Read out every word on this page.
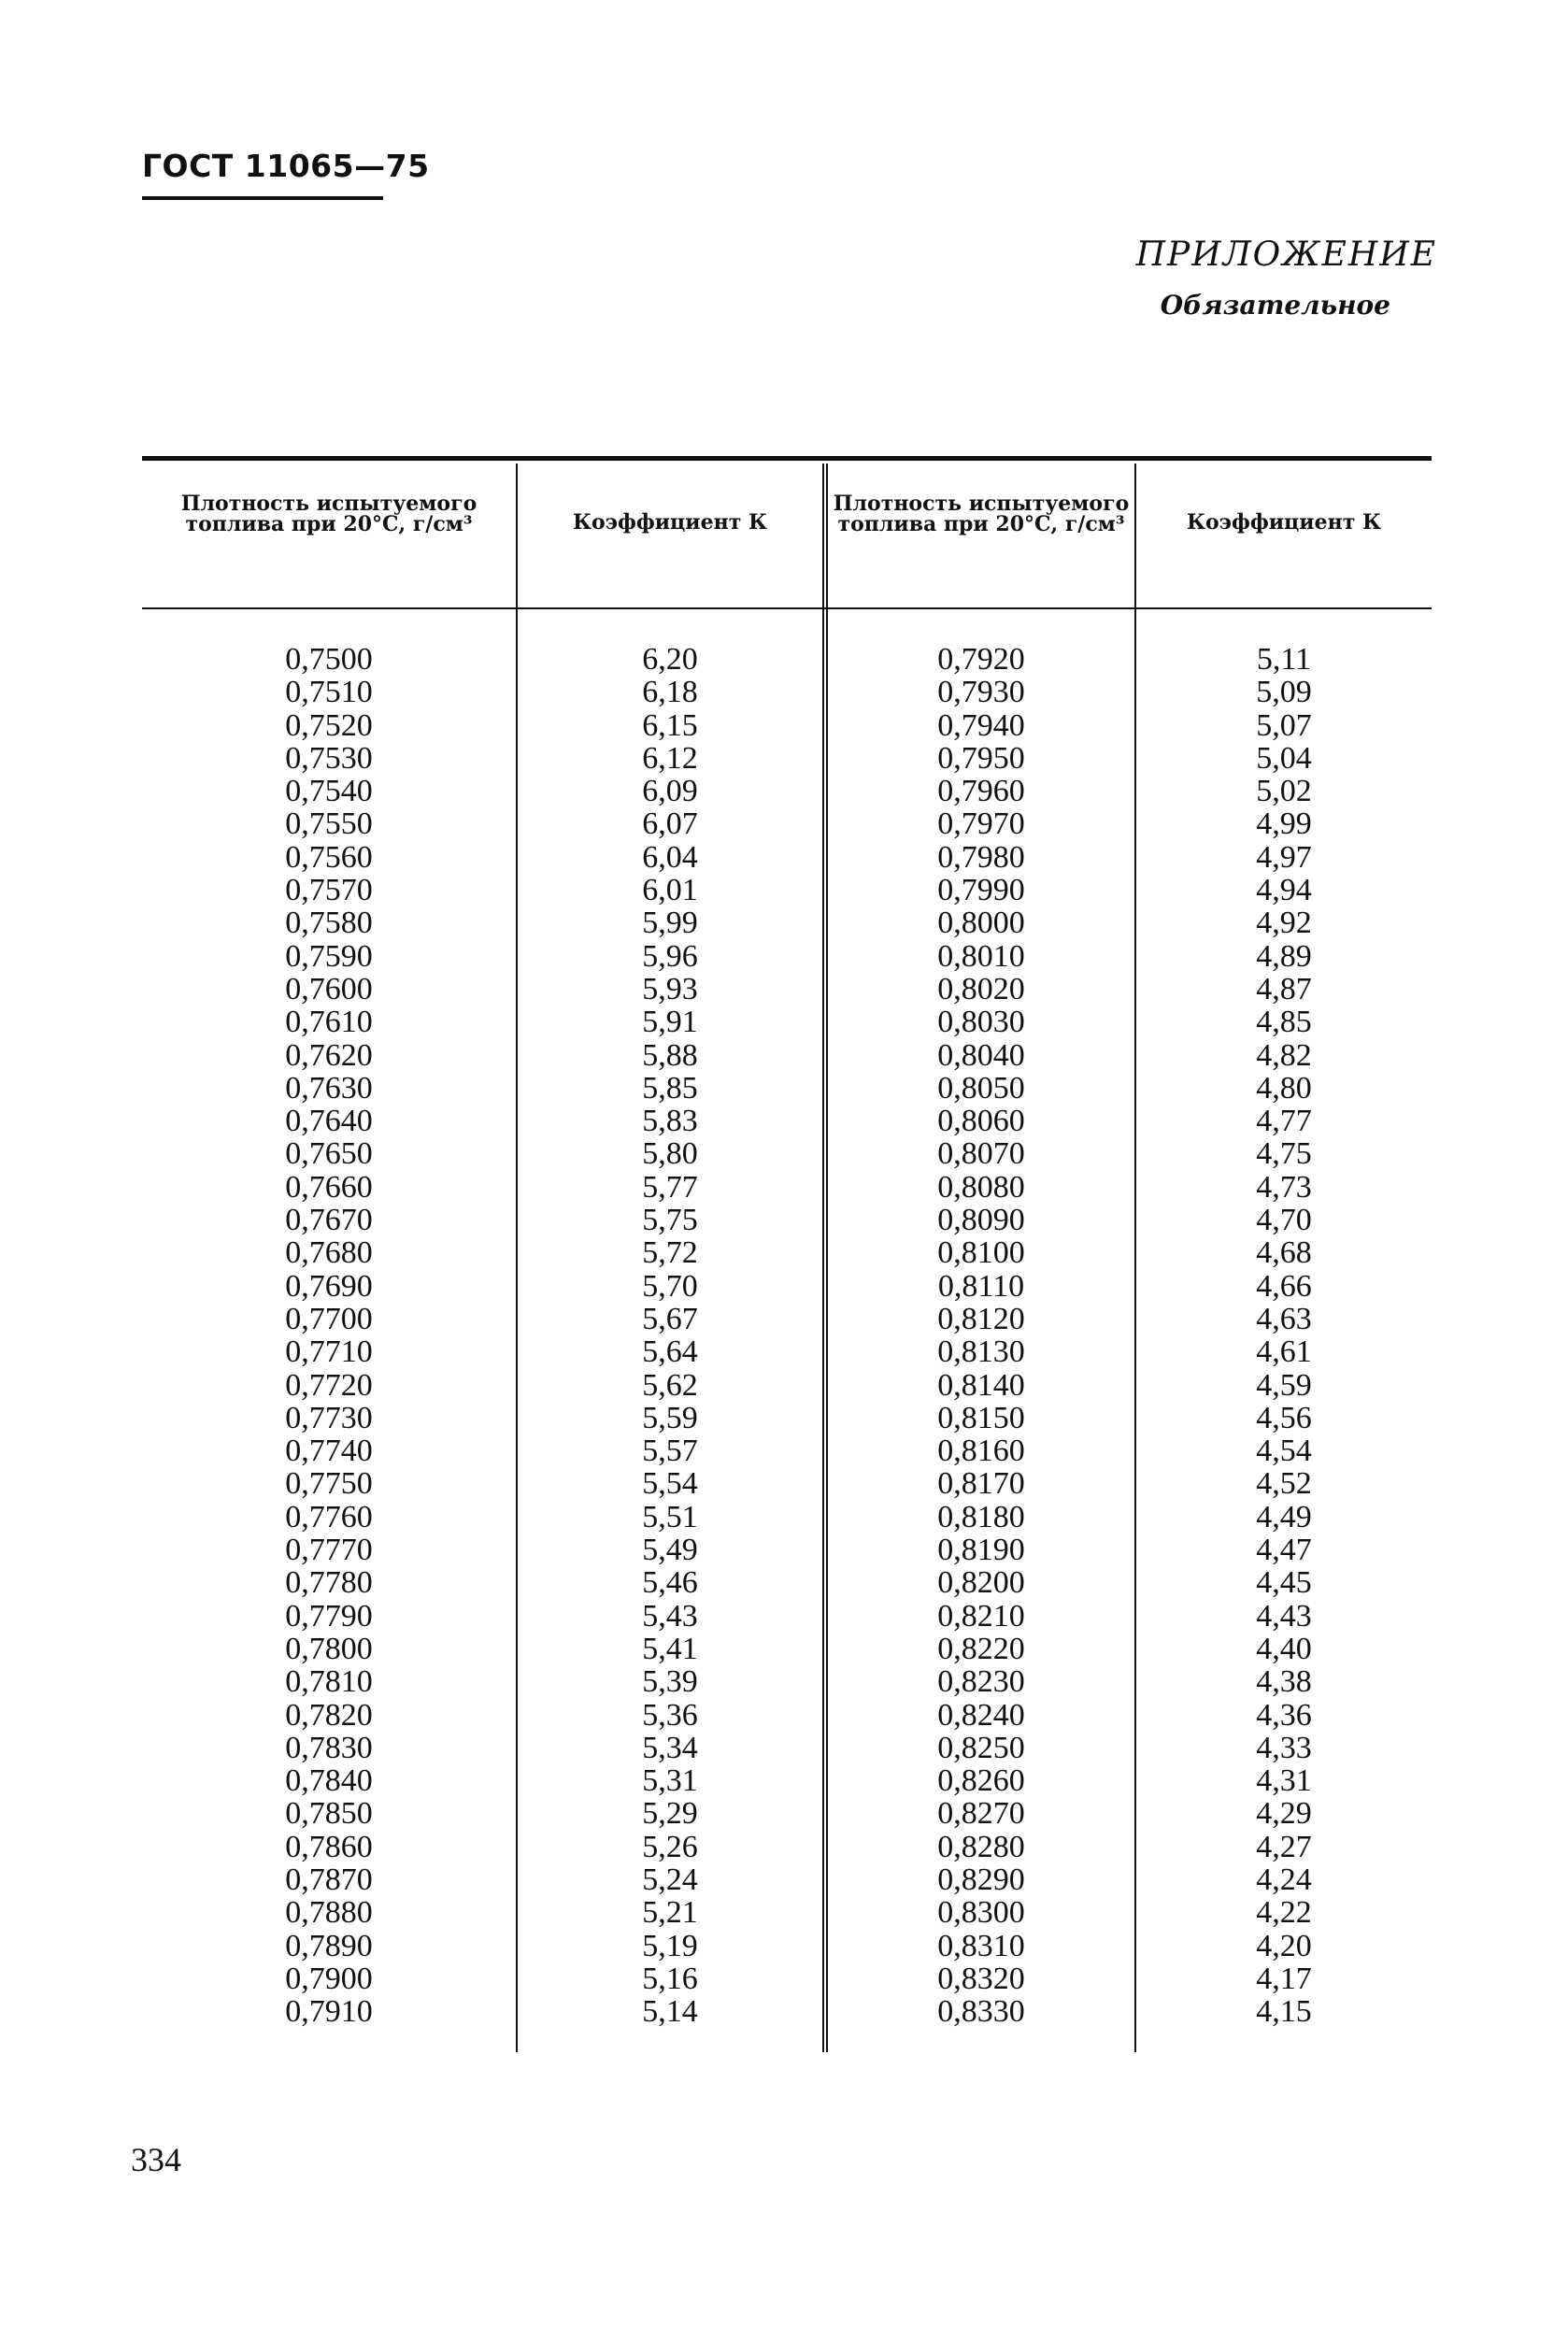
ГОСТ 11065—75
ПРИЛОЖЕНИЕ
Обязательное
Плотность испытуемого топлива при 20°С, г/см³	Коэффициент К
Плотность испытуемого топлива при 20°С, г/см³	Коэффициент К
0,7500
0,7510
0,7520
0,7530
0,7540
0,7550
0,7560
0,7570
0,7580
0,7590
0,7600
0,7610
0,7620
0,7630
0,7640
0,7650
0,7660
0,7670
0,7680
0,7690
0,7700
0,7710
0,7720
0,7730
0,7740
0,7750
0,7760
0,7770
0,7780
0,7790
0,7800
0,7810
0,7820
0,7830
0,7840
0,7850
0,7860
0,7870
0,7880
0,7890
0,7900
0,7910
6,20
6,18
6,15
6,12
6,09
6,07
6,04
6,01
5,99
5,96
5,93
5,91
5,88
5,85
5,83
5,80
5,77
5,75
5,72
5,70
5,67
5,64
5,62
5,59
5,57
5,54
5,51
5,49
5,46
5,43
5,41
5,39
5,36
5,34
5,31
5,29
5,26
5,24
5,21
5,19
5,16
5,14
0,7920
0,7930
0,7940
0,7950
0,7960
0,7970
0,7980
0,7990
0,8000
0,8010
0,8020
0,8030
0,8040
0,8050
0,8060
0,8070
0,8080
0,8090
0,8100
0,8110
0,8120
0,8130
0,8140
0,8150
0,8160
0,8170
0,8180
0,8190
0,8200
0,8210
0,8220
0,8230
0,8240
0,8250
0,8260
0,8270
0,8280
0,8290
0,8300
0,8310
0,8320
0,8330
5,11
5,09
5,07
5,04
5,02
4,99
4,97
4,94
4,92
4,89
4,87
4,85
4,82
4,80
4,77
4,75
4,73
4,70
4,68
4,66
4,63
4,61
4,59
4,56
4,54
4,52
4,49
4,47
4,45
4,43
4,40
4,38
4,36
4,33
4,31
4,29
4,27
4,24
4,22
4,20
4,17
4,15
334
